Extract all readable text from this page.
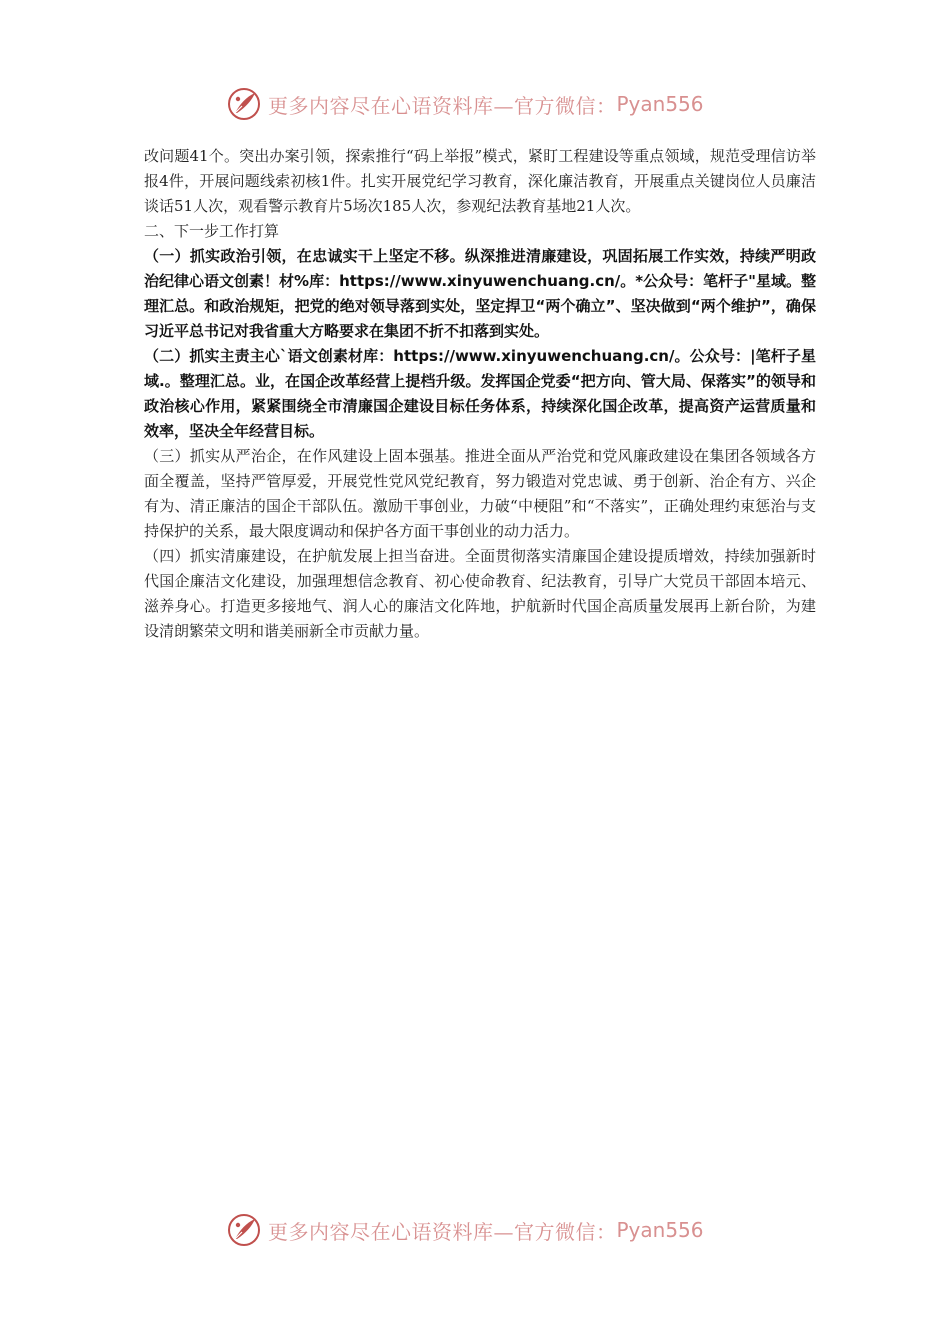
更多内容尽在心语资料库—官方微信： Pyan556

改问题41个。突出办案引领，探索推行“码上举报”模式，紧盯工程建设等重点领域，规范受理信访举报4件，开展问题线索初核1件。扎实开展党纪学习教育，深化廉洁教育，开展重点关键岗位人员廉洁谈话51人次，观看警示教育片5场次185人次，参观纪法教育基地21人次。

二、下一步工作打算

（一）抓实政治引领，在忠诚实干上坚定不移。纵深推进清廉建设，巩固拓展工作实效，持续严明政治纪律心语文创素！材%库：https://www.xinyuwenchuang.cn/。*公众号：笔杆子"星域。整理汇总。和政治规矩，把党的绝对领导落到实处，坚定捍卫“两个确立”、坚决做到“两个维护”，确保习近平总书记对我省重大方略要求在集团不折不扣落到实处。

（二）抓实主责主心`语文创素材库：https://www.xinyuwenchuang.cn/。公众号：|笔杆子星域.。整理汇总。业，在国企改革经营上提档升级。发挥国企党委“把方向、管大局、保落实”的领导和政治核心作用，紧紧围绕全市清廉国企建设目标任务体系，持续深化国企改革，提高资产运营质量和效率，坚决全年经营目标。

（三）抓实从严治企，在作风建设上固本强基。推进全面从严治党和党风廉政建设在集团各领域各方面全覆盖，坚持严管厚爱，开展党性党风党纪教育，努力锻造对党忠诚、勇于创新、治企有方、兴企有为、清正廉洁的国企干部队伍。激励干事创业，力破“中梗阻”和“不落实”，正确处理约束惩治与支持保护的关系，最大限度调动和保护各方面干事创业的动力活力。

（四）抓实清廉建设，在护航发展上担当奋进。全面贯彻落实清廉国企建设提质增效，持续加强新时代国企廉洁文化建设，加强理想信念教育、初心使命教育、纪法教育，引导广大党员干部固本培元、滋养身心。打造更多接地气、润人心的廉洁文化阵地，护航新时代国企高质量发展再上新台阶，为建设清朗繁荣文明和谐美丽新全市贡献力量。

更多内容尽在心语资料库—官方微信： Pyan556
